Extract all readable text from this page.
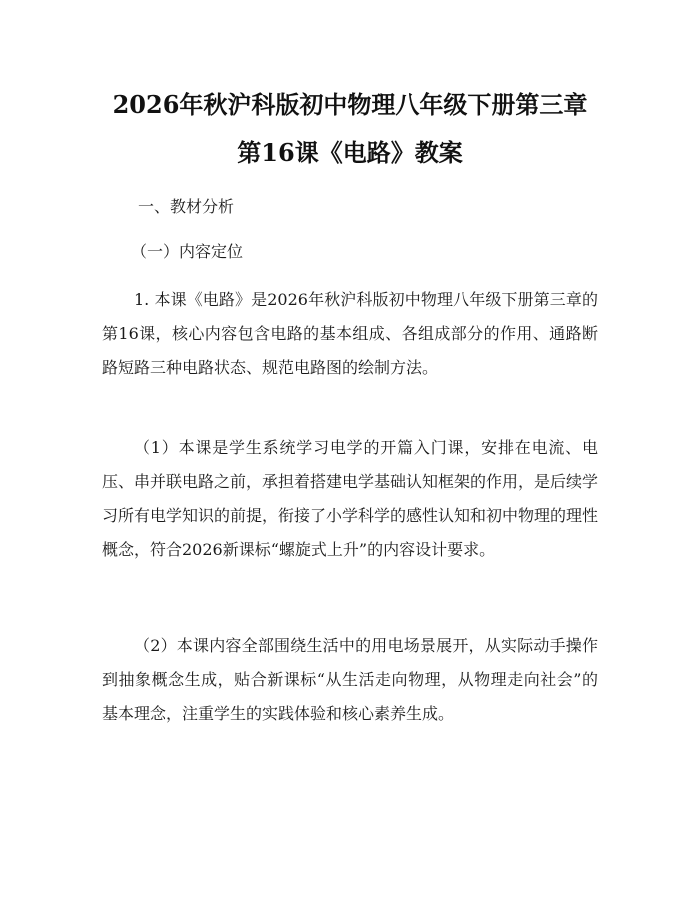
2026年秋沪科版初中物理八年级下册第三章
第16课《电路》教案

一、教材分析

（一）内容定位

1. 本课《电路》是2026年秋沪科版初中物理八年级下册第三章的第16课，核心内容包含电路的基本组成、各组成部分的作用、通路断路短路三种电路状态、规范电路图的绘制方法。

（1）本课是学生系统学习电学的开篇入门课，安排在电流、电压、串并联电路之前，承担着搭建电学基础认知框架的作用，是后续学习所有电学知识的前提，衔接了小学科学的感性认知和初中物理的理性概念，符合2026新课标“螺旋式上升”的内容设计要求。

（2）本课内容全部围绕生活中的用电场景展开，从实际动手操作到抽象概念生成，贴合新课标“从生活走向物理，从物理走向社会”的基本理念，注重学生的实践体验和核心素养生成。
